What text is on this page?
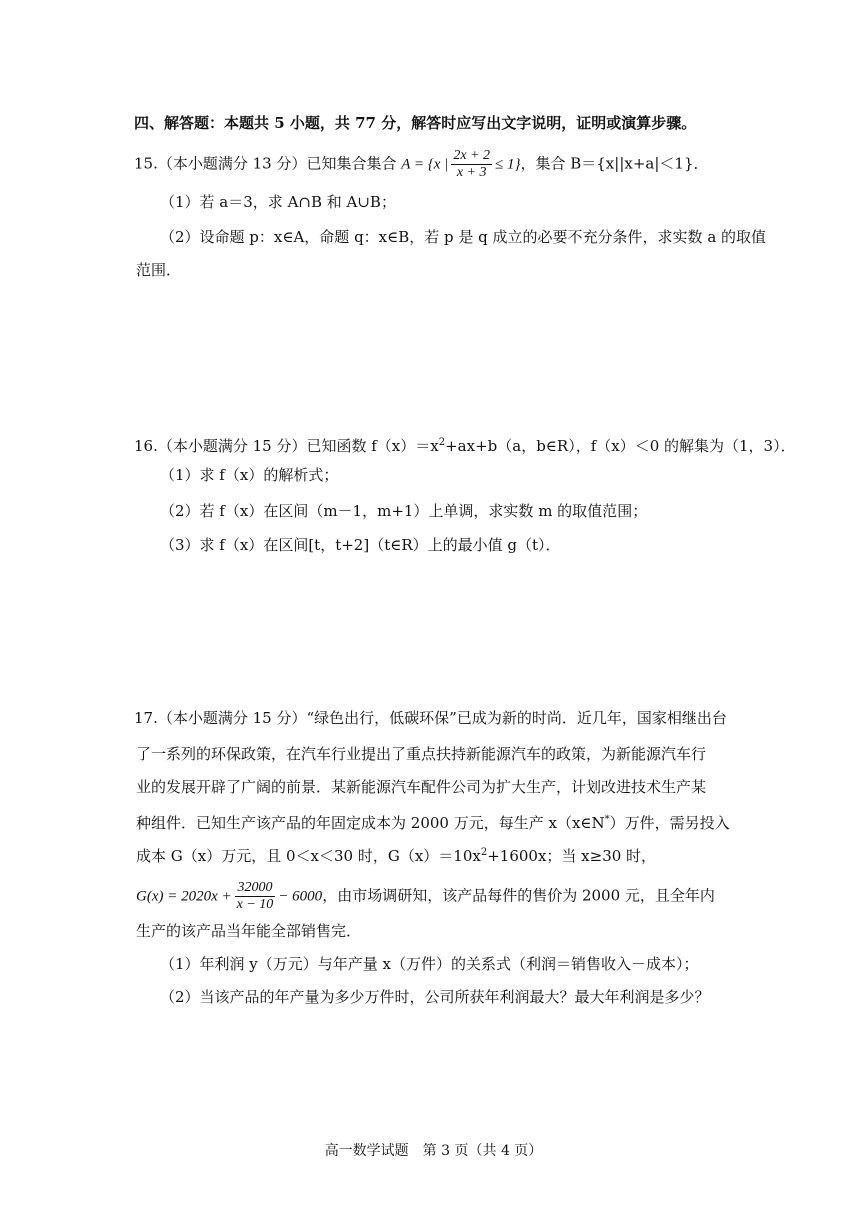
四、解答题：本题共 5 小题，共 77 分，解答时应写出文字说明，证明或演算步骤。
15.（本小题满分 13 分）已知集合集合 A = {x | $\frac{2x + 2}{x + 3} \le 1$}，集合 B＝{x||x+a|＜1}．
（1）若 a＝3，求 A∩B 和 A∪B；
（2）设命题 p：x∈A，命题 q：x∈B，若 p 是 q 成立的必要不充分条件，求实数 a 的取值
范围．
16.（本小题满分 15 分）已知函数 $f(x)=x^2+ax+b(a$，b∈R），f（x）＜0 的解集为（1，3）．
（1）求 f（x）的解析式；
（2）若 f（x）在区间（m－1，m+1）上单调，求实数 m 的取值范围；
（3）求 f（x）在区间[t，t+2]（t∈R）上的最小值 g（t）．
17.（本小题满分 15 分）“绿色出行，低碳环保”已成为新的时尚．近几年，国家相继出台
了一系列的环保政策，在汽车行业提出了重点扶持新能源汽车的政策，为新能源汽车行
业的发展开辟了广阔的前景．某新能源汽车配件公司为扩大生产，计划改进技术生产某
种组件．已知生产该产品的年固定成本为 2000 万元，每生产 x（x∈N*）万件，需另投入
成本 G（x）万元，且 0＜x＜30 时，$G(x)=10x^2+1600x$；当 x≥30 时，
$G(x) = 2020x + \frac{32000}{x - 10} - 6000$，由市场调研知，该产品每件的售价为 2000 元，且全年内
生产的该产品当年能全部销售完．
（1）年利润 y（万元）与年产量 x（万件）的关系式（利润＝销售收入－成本）；
（2）当该产品的年产量为多少万件时，公司所获年利润最大？最大年利润是多少？
高一数学试题　第 3 页（共 4 页）
